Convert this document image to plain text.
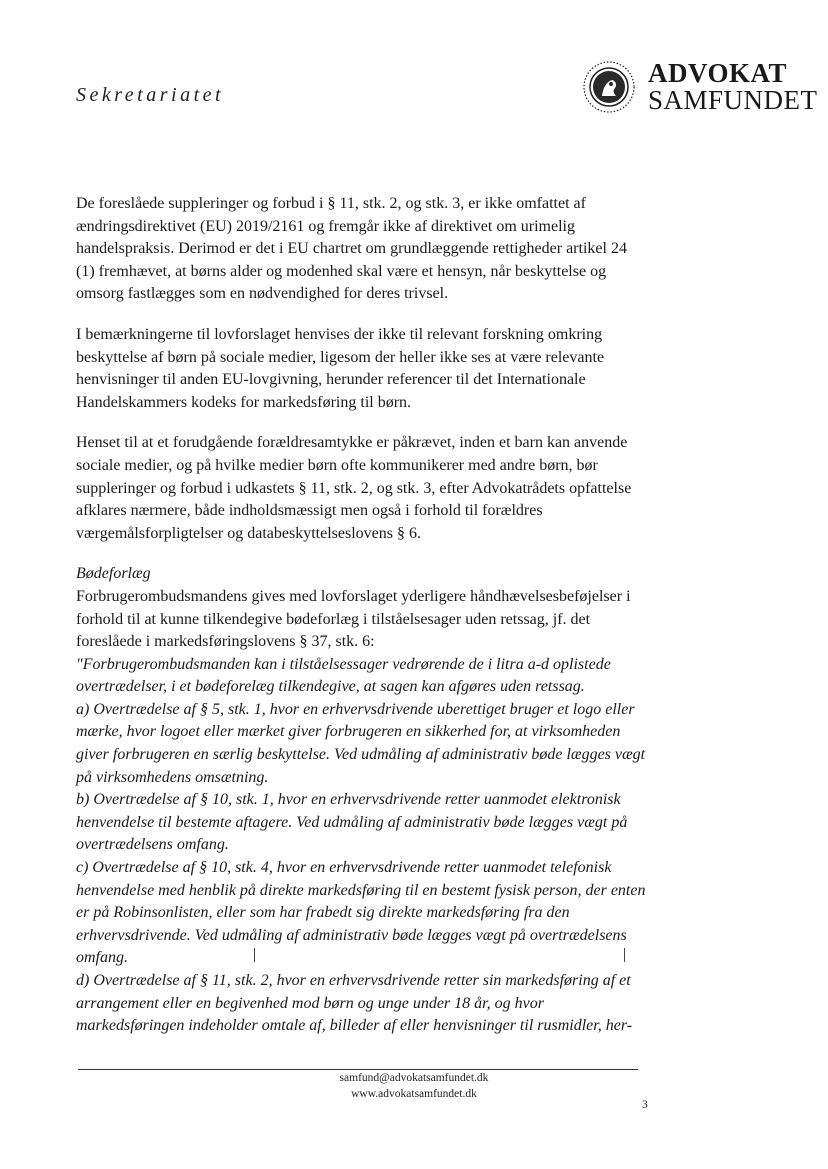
Sekretariatet
ADVOKAT
SAMFUNDET

De foreslåede suppleringer og forbud i § 11, stk. 2, og stk. 3, er ikke omfattet af ændringsdirektivet (EU) 2019/2161 og fremgår ikke af direktivet om urimelig handelspraksis. Derimod er det i EU chartret om grundlæggende rettigheder artikel 24 (1) fremhævet, at børns alder og modenhed skal være et hensyn, når beskyttelse og omsorg fastlægges som en nødvendighed for deres trivsel.

I bemærkningerne til lovforslaget henvises der ikke til relevant forskning omkring beskyttelse af børn på sociale medier, ligesom der heller ikke ses at være relevante henvisninger til anden EU-lovgivning, herunder referencer til det Internationale Handelskammers kodeks for markedsføring til børn.

Henset til at et forudgående forældresamtykke er påkrævet, inden et barn kan anvende sociale medier, og på hvilke medier børn ofte kommunikerer med andre børn, bør suppleringer og forbud i udkastets § 11, stk. 2, og stk. 3, efter Advokatrådets opfattelse afklares nærmere, både indholdsmæssigt men også i forhold til forældres værgemålsforpligtelser og databeskyttelseslovens § 6.

Bødeforlæg
Forbrugerombudsmandens gives med lovforslaget yderligere håndhævelsesbeføjelser i forhold til at kunne tilkendegive bødeforlæg i tilståelsesager uden retssag, jf. det foreslåede i markedsføringslovens § 37, stk. 6:
"Forbrugerombudsmanden kan i tilståelsessager vedrørende de i litra a-d oplistede overtrædelser, i et bødeforelæg tilkendegive, at sagen kan afgøres uden retssag.
a) Overtrædelse af § 5, stk. 1, hvor en erhvervsdrivende uberettiget bruger et logo eller mærke, hvor logoet eller mærket giver forbrugeren en sikkerhed for, at virksomheden giver forbrugeren en særlig beskyttelse. Ved udmåling af administrativ bøde lægges vægt på virksomhedens omsætning.
b) Overtrædelse af § 10, stk. 1, hvor en erhvervsdrivende retter uanmodet elektronisk henvendelse til bestemte aftagere. Ved udmåling af administrativ bøde lægges vægt på overtrædelsens omfang.
c) Overtrædelse af § 10, stk. 4, hvor en erhvervsdrivende retter uanmodet telefonisk henvendelse med henblik på direkte markedsføring til en bestemt fysisk person, der enten er på Robinsonlisten, eller som har frabedt sig direkte markedsføring fra den erhvervsdrivende. Ved udmåling af administrativ bøde lægges vægt på overtrædelsens omfang.
d) Overtrædelse af § 11, stk. 2, hvor en erhvervsdrivende retter sin markedsføring af et arrangement eller en begivenhed mod børn og unge under 18 år, og hvor markedsføringen indeholder omtale af, billeder af eller henvisninger til rusmidler, her-
samfund@advokatsamfundet.dk
www.advokatsamfundet.dk
3
